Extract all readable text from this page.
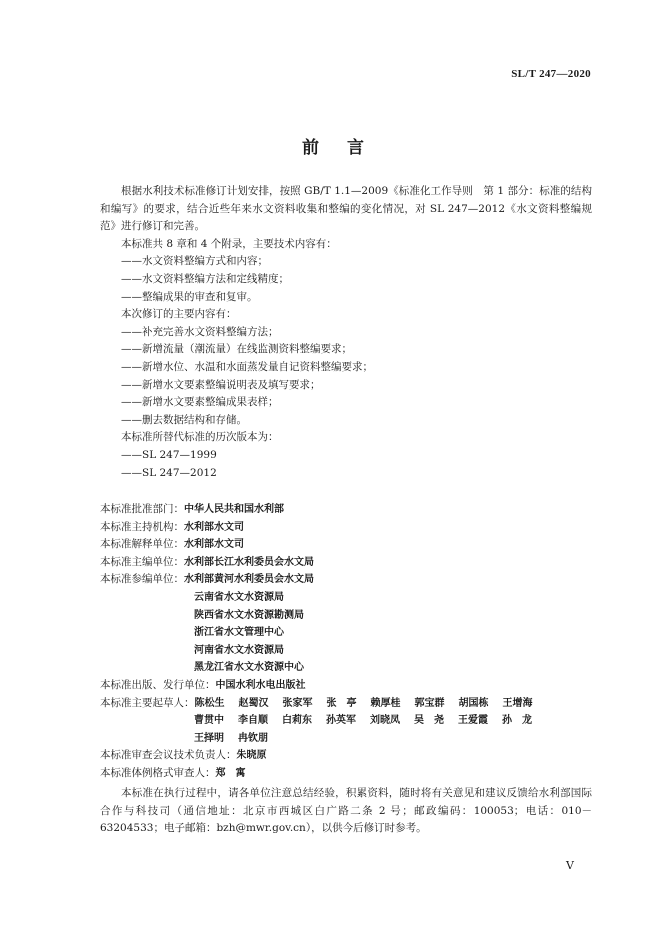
SL/T 247—2020
前言

根据水利技术标准修订计划安排，按照 GB/T 1.1—2009《标准化工作导则　第 1 部分：标准的结构和编写》的要求，结合近些年来水文资料收集和整编的变化情况，对 SL 247—2012《水文资料整编规范》进行修订和完善。

本标准共 8 章和 4 个附录，主要技术内容有：

——水文资料整编方式和内容；

——水文资料整编方法和定线精度；

——整编成果的审查和复审。

本次修订的主要内容有：

——补充完善水文资料整编方法；

——新增流量（潮流量）在线监测资料整编要求；

——新增水位、水温和水面蒸发量自记资料整编要求；

——新增水文要素整编说明表及填写要求；

——新增水文要素整编成果表样；

——删去数据结构和存储。

本标准所替代标准的历次版本为：

——SL 247—1999

——SL 247—2012

本标准批准部门： 中华人民共和国水利部
本标准主持机构： 水利部水文司
本标准解释单位： 水利部水文司
本标准主编单位： 水利部长江水利委员会水文局
本标准参编单位： 水利部黄河水利委员会水文局
云南省水文水资源局
陕西省水文水资源勘测局
浙江省水文管理中心
河南省水文水资源局
黑龙江省水文水资源中心
本标准出版、发行单位： 中国水利水电出版社
本标准主要起草人： 陈松生	赵蜀汉	张家军	张　亭	赖厚桂	郭宝群	胡国栋	王增海
曹贯中	李自顺	白莉东	孙英军	刘晓凤	吴　尧	王爱霞	孙　龙
王择明	冉钦朋
本标准审查会议技术负责人： 朱晓原
本标准体例格式审查人： 郑　寓

本标准在执行过程中，请各单位注意总结经验，积累资料，随时将有关意见和建议反馈给水利部国际合作与科技司（通信地址：北京市西城区白广路二条 2 号；邮政编码：100053；电话：010－63204533；电子邮箱：bzh@mwr.gov.cn），以供今后修订时参考。

Ⅴ
